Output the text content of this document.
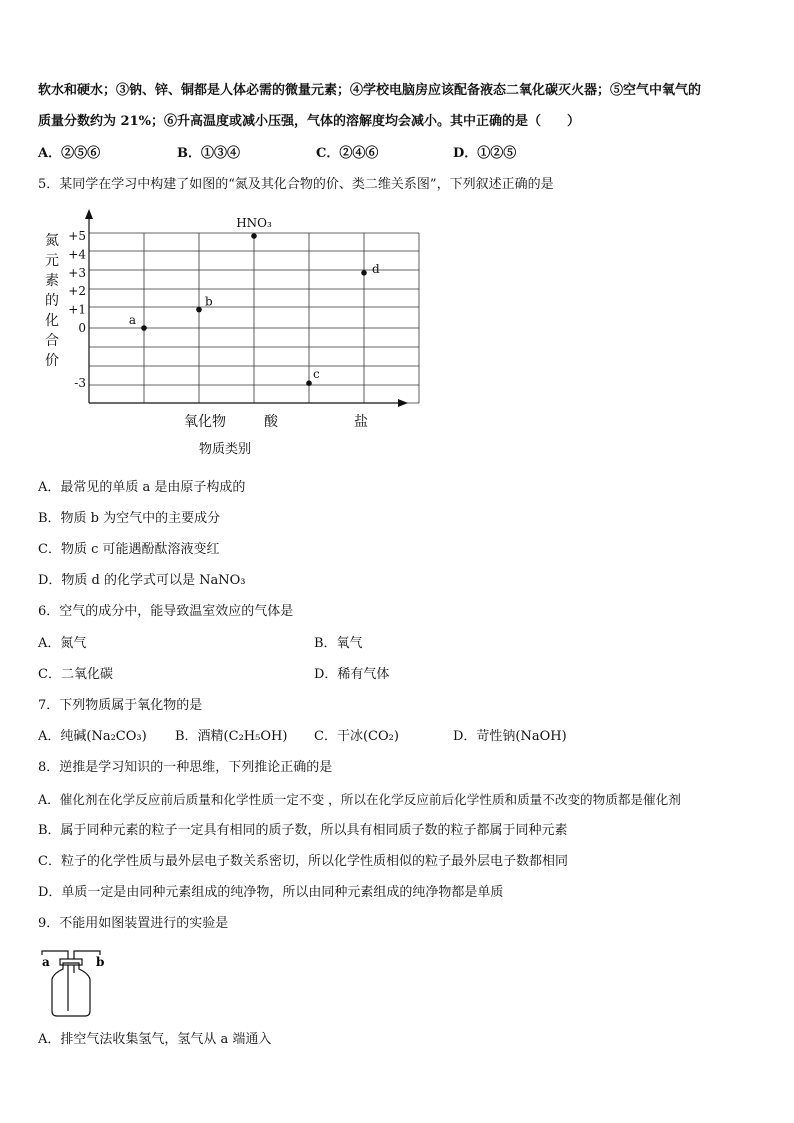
软水和硬水；③钠、锌、铜都是人体必需的微量元素；④学校电脑房应该配备液态二氧化碳灭火器；⑤空气中氧气的
质量分数约为 21%；⑥升高温度或减小压强，气体的溶解度均会减小。其中正确的是（　　）
A．②⑤⑥	B．①③④	C．②④⑥	D．①②⑤
5．某同学在学习中构建了如图的“氮及其化合物的价、类二维关系图”，下列叙述正确的是
氮
元
素
的
化
合
价
+5
+4
+3
+2
+1
0
-3
氧化物	酸	盐
物质类别
a
b
HNO₃
c
d
A．最常见的单质 a 是由原子构成的
B．物质 b 为空气中的主要成分
C．物质 c 可能遇酚酞溶液变红
D．物质 d 的化学式可以是 NaNO₃
6．空气的成分中，能导致温室效应的气体是
A．氮气	B．氧气
C．二氧化碳	D．稀有气体
7．下列物质属于氧化物的是
A．纯碱(Na₂CO₃) B．酒精(C₂H₅OH) C．干冰(CO₂)	D．苛性钠(NaOH)
8．逆推是学习知识的一种思维，下列推论正确的是
A．催化剂在化学反应前后质量和化学性质一定不变 ，所以在化学反应前后化学性质和质量不改变的物质都是催化剂
B．属于同种元素的粒子一定具有相同的质子数，所以具有相同质子数的粒子都属于同种元素
C．粒子的化学性质与最外层电子数关系密切，所以化学性质相似的粒子最外层电子数都相同
D．单质一定是由同种元素组成的纯净物，所以由同种元素组成的纯净物都是单质
9．不能用如图装置进行的实验是
a	b
A．排空气法收集氢气，氢气从 a 端通入
